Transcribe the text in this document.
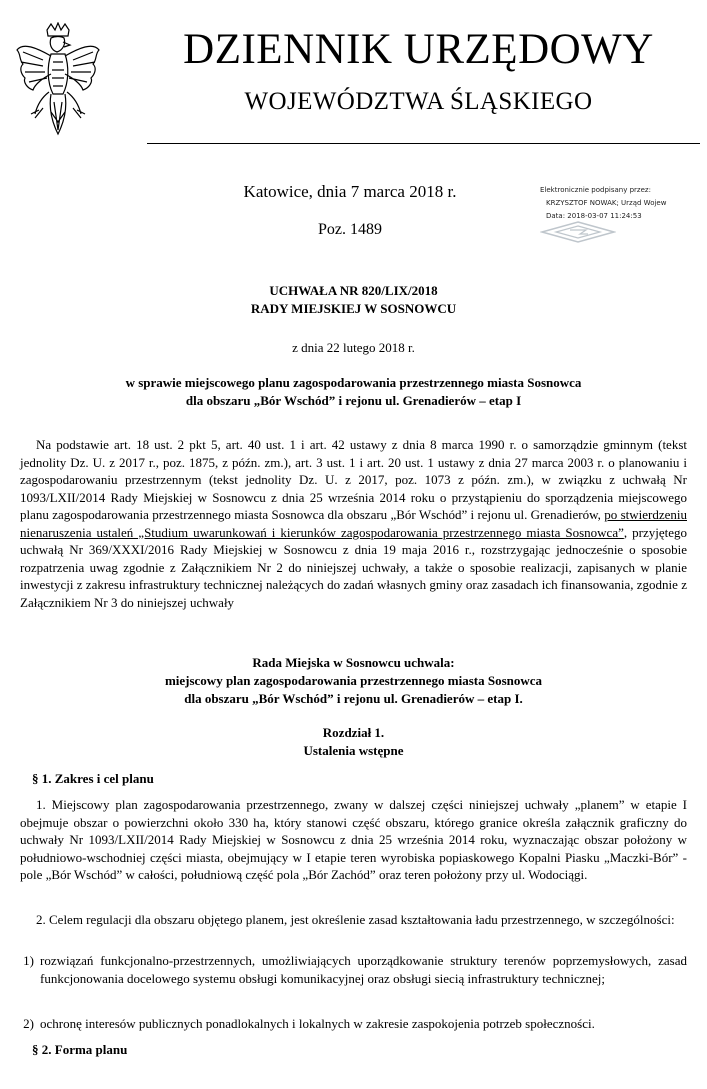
DZIENNIK URZĘDOWY
WOJEWÓDZTWA ŚLĄSKIEGO
Katowice, dnia 7 marca 2018 r.
Poz. 1489
Elektronicznie podpisany przez:
KRZYSZTOF NOWAK; Urząd Wojew
Data: 2018-03-07 11:24:53
UCHWAŁA NR 820/LIX/2018
RADY MIEJSKIEJ W SOSNOWCU
z dnia 22 lutego 2018 r.
w sprawie miejscowego planu zagospodarowania przestrzennego miasta Sosnowca
dla obszaru „Bór Wschód” i rejonu ul. Grenadierów – etap I
Na podstawie art. 18 ust. 2 pkt 5, art. 40 ust. 1 i art. 42 ustawy z dnia 8 marca 1990 r. o samorządzie gminnym (tekst jednolity Dz. U. z 2017 r., poz. 1875, z późn. zm.), art. 3 ust. 1 i art. 20 ust. 1 ustawy z dnia 27 marca 2003 r. o planowaniu i zagospodarowaniu przestrzennym (tekst jednolity Dz. U. z 2017, poz. 1073 z późn. zm.), w związku z uchwałą Nr 1093/LXII/2014 Rady Miejskiej w Sosnowcu z dnia 25 września 2014 roku o przystąpieniu do sporządzenia miejscowego planu zagospodarowania przestrzennego miasta Sosnowca dla obszaru „Bór Wschód” i rejonu ul. Grenadierów, po stwierdzeniu nienaruszenia ustaleń „Studium uwarunkowań i kierunków zagospodarowania przestrzennego miasta Sosnowca”, przyjętego uchwałą Nr 369/XXXI/2016 Rady Miejskiej w Sosnowcu z dnia 19 maja 2016 r., rozstrzygając jednocześnie o sposobie rozpatrzenia uwag zgodnie z Załącznikiem Nr 2 do niniejszej uchwały, a także o sposobie realizacji, zapisanych w planie inwestycji z zakresu infrastruktury technicznej należących do zadań własnych gminy oraz zasadach ich finansowania, zgodnie z Załącznikiem Nr 3 do niniejszej uchwały
Rada Miejska w Sosnowcu uchwala:
miejscowy plan zagospodarowania przestrzennego miasta Sosnowca
dla obszaru „Bór Wschód” i rejonu ul. Grenadierów – etap I.
Rozdział 1.
Ustalenia wstępne
§ 1. Zakres i cel planu
1. Miejscowy plan zagospodarowania przestrzennego, zwany w dalszej części niniejszej uchwały „planem” w etapie I obejmuje obszar o powierzchni około 330 ha, który stanowi część obszaru, którego granice określa załącznik graficzny do uchwały Nr 1093/LXII/2014 Rady Miejskiej w Sosnowcu z dnia 25 września 2014 roku, wyznaczając obszar położony w południowo-wschodniej części miasta, obejmujący w I etapie teren wyrobiska popiaskowego Kopalni Piasku „Maczki-Bór” - pole „Bór Wschód” w całości, południową część pola „Bór Zachód” oraz teren położony przy ul. Wodociągi.
2. Celem regulacji dla obszaru objętego planem, jest określenie zasad kształtowania ładu przestrzennego, w szczególności:
1) rozwiązań funkcjonalno-przestrzennych, umożliwiających uporządkowanie struktury terenów poprzemysłowych, zasad funkcjonowania docelowego systemu obsługi komunikacyjnej oraz obsługi siecią infrastruktury technicznej;
2) ochronę interesów publicznych ponadlokalnych i lokalnych w zakresie zaspokojenia potrzeb społeczności.
§ 2. Forma planu
